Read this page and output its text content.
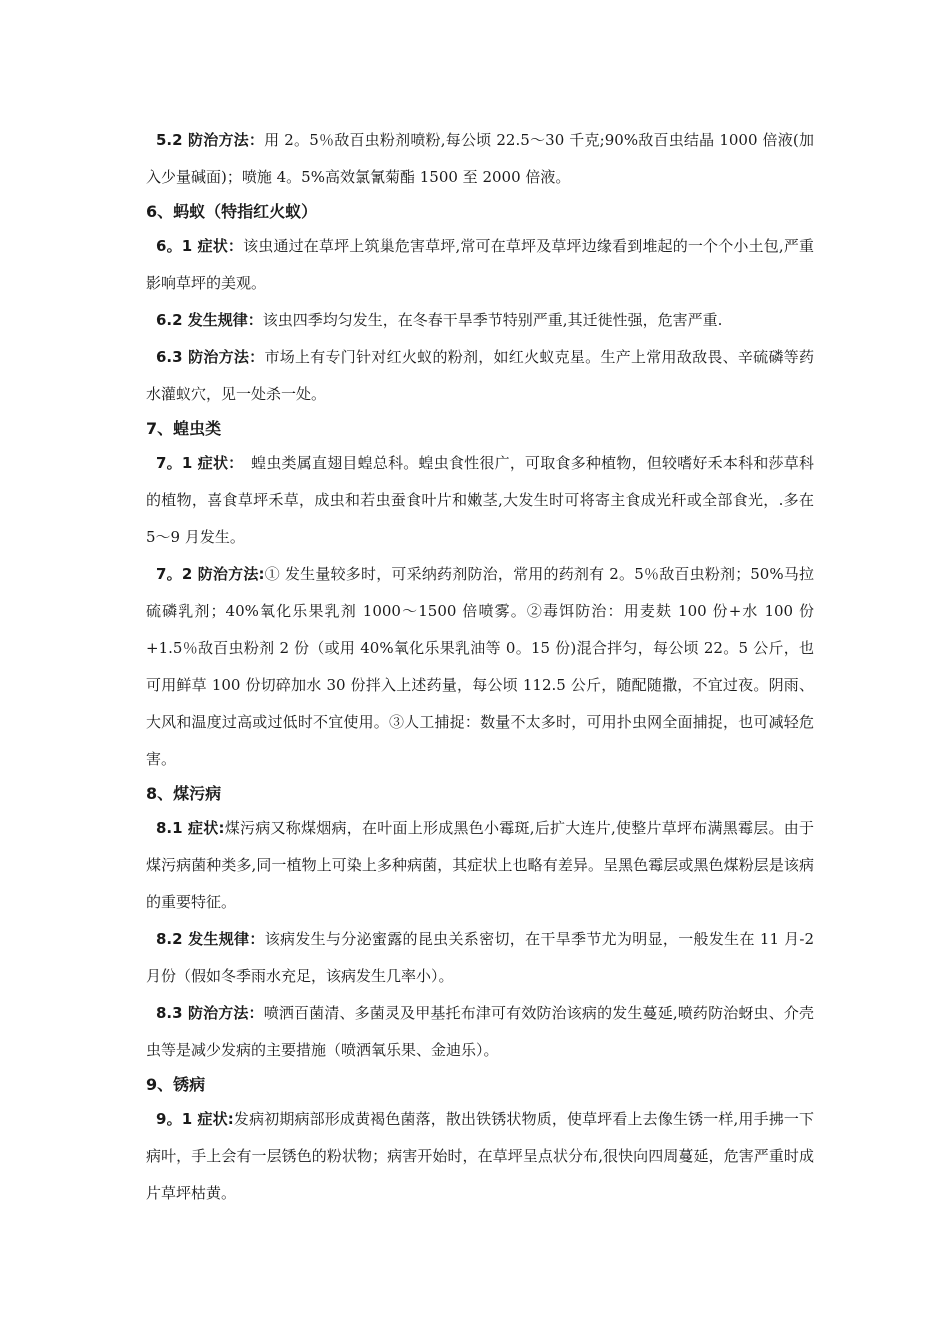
5.2 防治方法：用 2。5％敌百虫粉剂喷粉,每公顷 22.5～30 千克;90%敌百虫结晶 1000 倍液(加入少量碱面)；喷施 4。5%高效氯氰菊酯 1500 至 2000 倍液。

6、蚂蚁（特指红火蚁）

6。1 症状：该虫通过在草坪上筑巢危害草坪,常可在草坪及草坪边缘看到堆起的一个个小土包,严重影响草坪的美观。

6.2 发生规律：该虫四季均匀发生，在冬春干旱季节特别严重,其迁徙性强，危害严重.

6.3 防治方法：市场上有专门针对红火蚁的粉剂，如红火蚁克星。生产上常用敌敌畏、辛硫磷等药水灌蚁穴，见一处杀一处。

7、蝗虫类

7。1 症状：　蝗虫类属直翅目蝗总科。蝗虫食性很广，可取食多种植物，但较嗜好禾本科和莎草科的植物，喜食草坪禾草，成虫和若虫蚕食叶片和嫩茎,大发生时可将寄主食成光秆或全部食光，.多在 5～9 月发生。

7。2 防治方法:① 发生量较多时，可采纳药剂防治，常用的药剂有 2。5％敌百虫粉剂；50%马拉硫磷乳剂；40%氧化乐果乳剂 1000～1500 倍喷雾。②毒饵防治：用麦麸 100 份+水 100 份+1.5％敌百虫粉剂 2 份（或用 40%氧化乐果乳油等 0。15 份)混合拌匀，每公顷 22。5 公斤，也可用鲜草 100 份切碎加水 30 份拌入上述药量，每公顷 112.5 公斤，随配随撒，不宜过夜。阴雨、大风和温度过高或过低时不宜使用。③人工捕捉：数量不太多时，可用扑虫网全面捕捉，也可减轻危害。

8、煤污病

8.1 症状:煤污病又称煤烟病，在叶面上形成黑色小霉斑,后扩大连片,使整片草坪布满黑霉层。由于煤污病菌种类多,同一植物上可染上多种病菌，其症状上也略有差异。呈黑色霉层或黑色煤粉层是该病的重要特征。

8.2 发生规律：该病发生与分泌蜜露的昆虫关系密切，在干旱季节尤为明显，一般发生在 11 月-2 月份（假如冬季雨水充足，该病发生几率小）。

8.3 防治方法：喷洒百菌清、多菌灵及甲基托布津可有效防治该病的发生蔓延,喷药防治蚜虫、介壳虫等是减少发病的主要措施（喷洒氧乐果、金迪乐）。

9、锈病

9。1 症状:发病初期病部形成黄褐色菌落，散出铁锈状物质，使草坪看上去像生锈一样,用手拂一下病叶，手上会有一层锈色的粉状物；病害开始时，在草坪呈点状分布,很快向四周蔓延，危害严重时成片草坪枯黄。
